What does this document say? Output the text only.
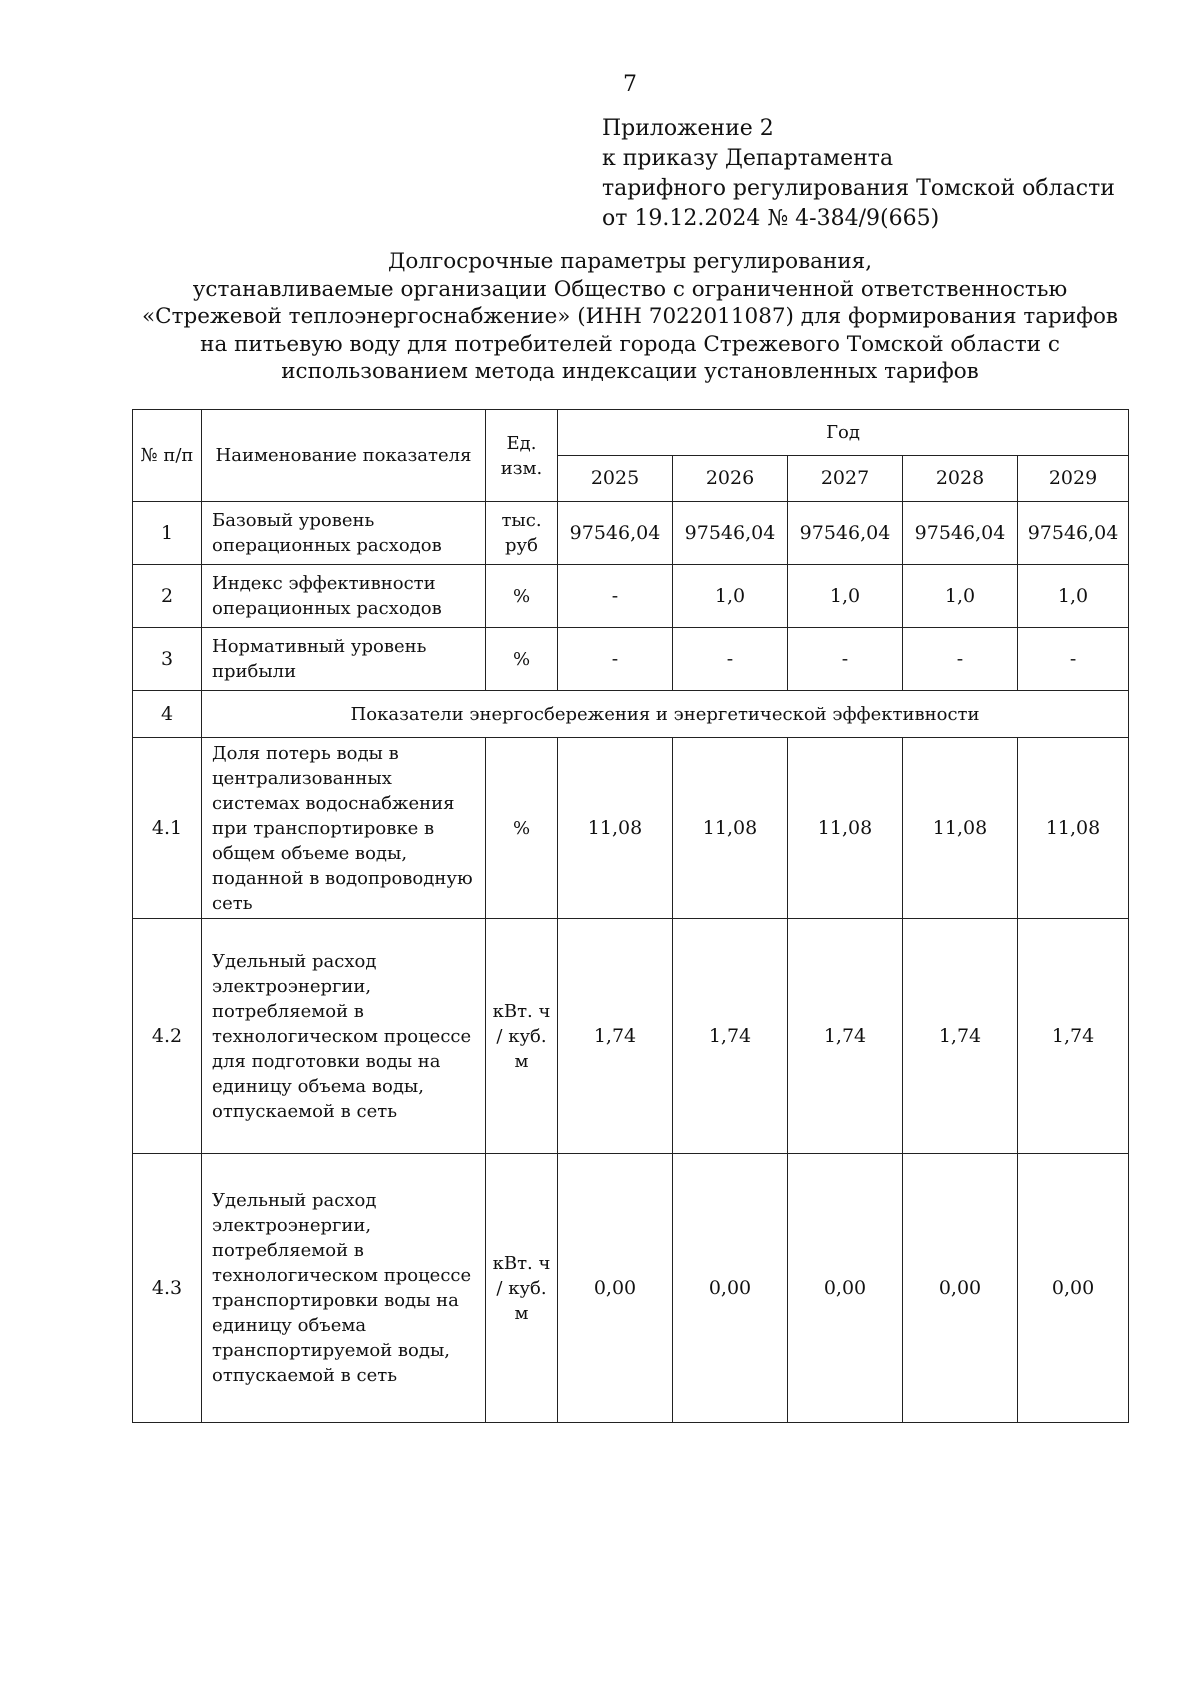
7
Приложение 2
к приказу Департамента
тарифного регулирования Томской области
от 19.12.2024 № 4-384/9(665)
Долгосрочные параметры регулирования,
устанавливаемые организации Общество с ограниченной ответственностью
«Стрежевой теплоэнергоснабжение» (ИНН 7022011087) для формирования тарифов
на питьевую воду для потребителей города Стрежевого Томской области с
использованием метода индексации установленных тарифов
№ п/п	Наименование показателя	Ед. изм.	Год				
			2025	2026	2027	2028	2029
1	Базовый уровень операционных расходов	тыс. руб	97546,04	97546,04	97546,04	97546,04	97546,04
2	Индекс эффективности операционных расходов	%	-	1,0	1,0	1,0	1,0
3	Нормативный уровень прибыли	%	-	-	-	-	-
4	Показатели энергосбережения и энергетической эффективности						
4.1	Доля потерь воды в централизованных системах водоснабжения при транспортировке в общем объеме воды, поданной в водопроводную сеть	%	11,08	11,08	11,08	11,08	11,08
4.2	Удельный расход электроэнергии, потребляемой в технологическом процессе для подготовки воды на единицу объема воды, отпускаемой в сеть	кВт. ч / куб. м	1,74	1,74	1,74	1,74	1,74
4.3	Удельный расход электроэнергии, потребляемой в технологическом процессе транспортировки воды на единицу объема транспортируемой воды, отпускаемой в сеть	кВт. ч / куб. м	0,00	0,00	0,00	0,00	0,00
